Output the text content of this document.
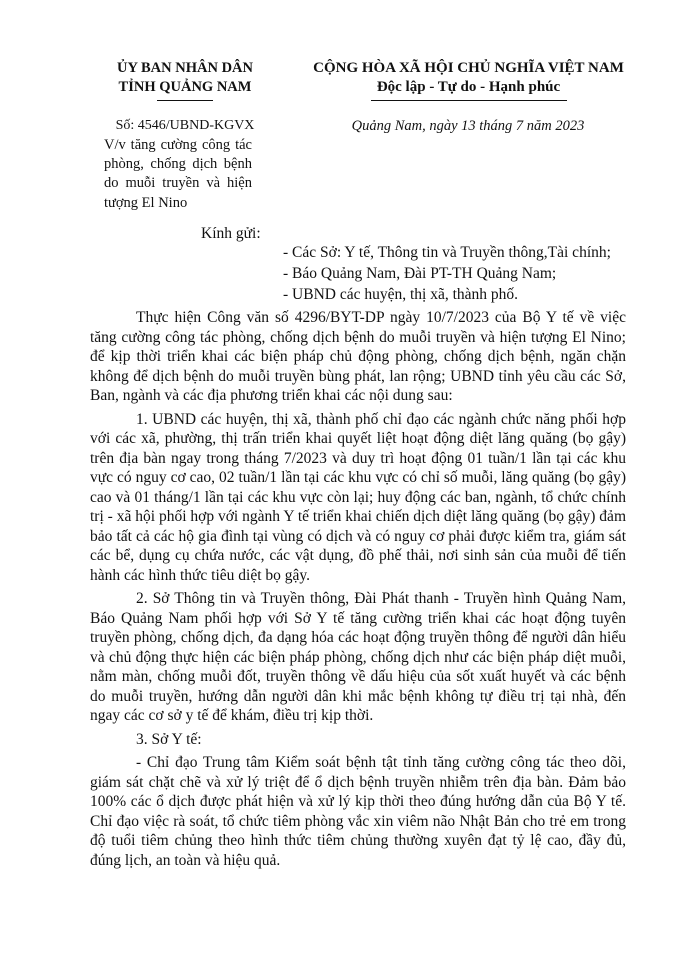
ỦY BAN NHÂN DÂN
TỈNH QUẢNG NAM
CỘNG HÒA XÃ HỘI CHỦ NGHĨA VIỆT NAM
Độc lập - Tự do - Hạnh phúc
Số: 4546/UBND-KGVX	Quảng Nam, ngày 13 tháng 7 năm 2023
V/v tăng cường công tác phòng, chống dịch bệnh do muỗi truyền và hiện tượng El Nino
Kính gửi:
- Các Sở: Y tế, Thông tin và Truyền thông,Tài chính;
- Báo Quảng Nam, Đài PT-TH Quảng Nam;
- UBND các huyện, thị xã, thành phố.

Thực hiện Công văn số 4296/BYT-DP ngày 10/7/2023 của Bộ Y tế về việc tăng cường công tác phòng, chống dịch bệnh do muỗi truyền và hiện tượng El Nino; để kịp thời triển khai các biện pháp chủ động phòng, chống dịch bệnh, ngăn chặn không để dịch bệnh do muỗi truyền bùng phát, lan rộng; UBND tỉnh yêu cầu các Sở, Ban, ngành và các địa phương triển khai các nội dung sau:

1. UBND các huyện, thị xã, thành phố chỉ đạo các ngành chức năng phối hợp với các xã, phường, thị trấn triển khai quyết liệt hoạt động diệt lăng quăng (bọ gậy) trên địa bàn ngay trong tháng 7/2023 và duy trì hoạt động 01 tuần/1 lần tại các khu vực có nguy cơ cao, 02 tuần/1 lần tại các khu vực có chỉ số muỗi, lăng quăng (bọ gậy) cao và 01 tháng/1 lần tại các khu vực còn lại; huy động các ban, ngành, tổ chức chính trị - xã hội phối hợp với ngành Y tế triển khai chiến dịch diệt lăng quăng (bọ gậy) đảm bảo tất cả các hộ gia đình tại vùng có dịch và có nguy cơ phải được kiểm tra, giám sát các bể, dụng cụ chứa nước, các vật dụng, đồ phế thải, nơi sinh sản của muỗi để tiến hành các hình thức tiêu diệt bọ gậy.

2. Sở Thông tin và Truyền thông, Đài Phát thanh - Truyền hình Quảng Nam, Báo Quảng Nam phối hợp với Sở Y tế tăng cường triển khai các hoạt động tuyên truyền phòng, chống dịch, đa dạng hóa các hoạt động truyền thông để người dân hiểu và chủ động thực hiện các biện pháp phòng, chống dịch như các biện pháp diệt muỗi, nằm màn, chống muỗi đốt, truyền thông về dấu hiệu của sốt xuất huyết và các bệnh do muỗi truyền, hướng dẫn người dân khi mắc bệnh không tự điều trị tại nhà, đến ngay các cơ sở y tế để khám, điều trị kịp thời.

3. Sở Y tế:

- Chỉ đạo Trung tâm Kiểm soát bệnh tật tỉnh tăng cường công tác theo dõi, giám sát chặt chẽ và xử lý triệt để ổ dịch bệnh truyền nhiễm trên địa bàn. Đảm bảo 100% các ổ dịch được phát hiện và xử lý kịp thời theo đúng hướng dẫn của Bộ Y tế. Chỉ đạo việc rà soát, tổ chức tiêm phòng vắc xin viêm não Nhật Bản cho trẻ em trong độ tuổi tiêm chủng theo hình thức tiêm chủng thường xuyên đạt tỷ lệ cao, đầy đủ, đúng lịch, an toàn và hiệu quả.
